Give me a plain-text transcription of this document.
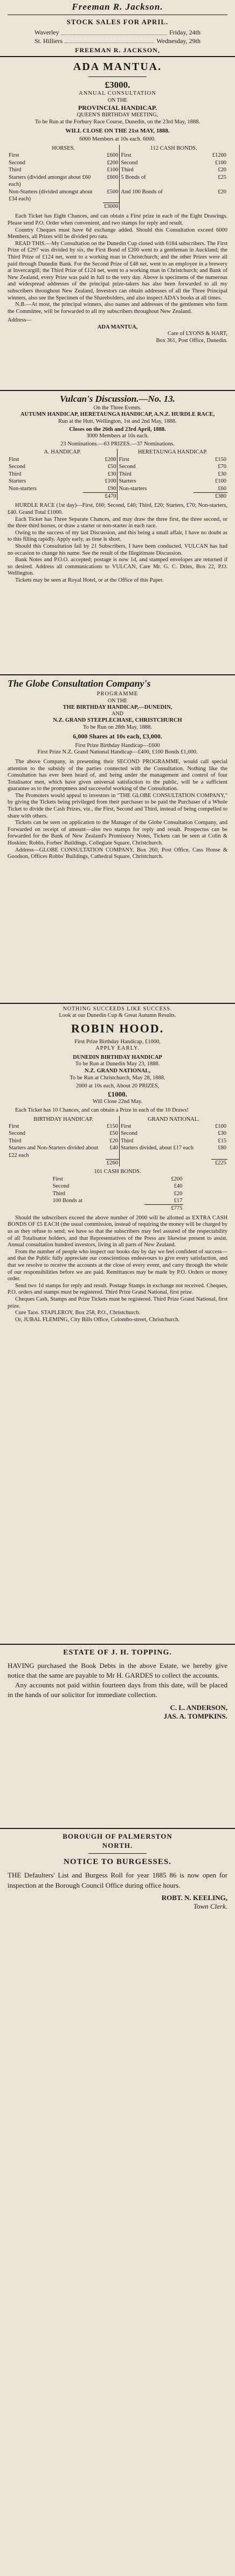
Freeman R. Jackson.
STOCK SALES FOR APRIL.
Waverley	Friday, 24th
St. Hilliers	Wednesday, 29th
FREEMAN R. JACKSON,
ADA MANTUA.
£3000.
ANNUAL CONSULTATION
ON THE
PROVINCIAL HANDICAP.
QUEEN'S BIRTHDAY MEETING,
To be Run at the Forbury Race Course, Dunedin, on the 23rd May, 1888.
WILL CLOSE ON THE 21st MAY, 1888.
6000 Members at 10s each. 6000.
HORSES.		112 CASH BONDS.	
First	£600	First	£1200
Second	£200	Second	£100
Third	£100	Third	£20
Starters (divided amongst about £60 each)	£600	5 Bonds of	£25
Non-Starters (divided amongst about £34 each)	£500	And 100 Bonds of	£20
	£3000		
Each Ticket has Eight Chances, and can obtain a First prize in each of the Eight Drawings. Please send P.O. Order when convenient, and two stamps for reply and result.
Country Cheques must have 6d exchange added. Should this Consultation exceed 6000 Members, all Prizes will be divided pro rata.
READ THIS.—My Consultation on the Dunedin Cup closed with 6184 subscribers. The First Prize of £297 was divided by six, the First Bond of £200 went to a gentleman in Auckland; the Third Prize of £124 net, went to a working man in Christchurch; and the other Prizes were all paid through Dunedin Bank. For the Second Prize of £48 net, went to an employee in a brewery at Invercargill; the Third Prize of £124 net, went to a working man in Christchurch; and Bank of New Zealand, every Prize was paid in full to the very day. Above is specimens of the numerous and widespread addresses of the principal prize-takers has also been forwarded to all my subscribers throughout New Zealand, Investors can obtain addresses of all the Three Principal winners, also see the Specimen of the Shareholders, and also inspect ADA's books at all times.
N.B.—At most, the principal winners, also names and addresses of the gentlemen who form the Committee, will be forwarded to all my subscribers throughout New Zealand.
Address—
ADA MANTUA,
Care of LYONS & HART,
Box 361, Post Office, Dunedin.
Vulcan's Discussion.—No. 13.
On the Three Events.
AUTUMN HANDICAP, HERETAUNGA HANDICAP, A.N.Z. HURDLE RACE,
Run at the Hutt, Wellington, 1st and 2nd May, 1888.
Closes on the 26th and 23rd April, 1888.
3000 Members at 10s each.
23 Nominations.—63 PRIZES.—37 Nominations.
A. HANDICAP.		HERETAUNGA HANDICAP.	
First	£200	First	£150
Second	£50	Second	£70
Third	£30	Third	£30
Starters	£100	Starters	£100
Non-starters	£90	Non-starters	£60
	£470		£380
HURDLE RACE (1st day)—First, £60; Second, £40; Third, £20; Starters, £70; Non-starters, £40. Grand Total £1000.
Each Ticket has Three Separate Chances, and may draw the three first, the three second, or the three third horses, or draw a starter or non-starter in each race.
Owing to the success of my last Discussion, and this being a small affair, I have no doubt as to this filling rapidly. Apply early, as time is short.
Should this Consultation fail by 21 Subscribers, I have been conducted, VULCAN has had no occasion to change his name. See the result of the Illegitimate Discussion.
Bank Notes and P.O.O. accepted; postage is now 1d, and stamped envelopes are returned if so desired. Address all communications to VULCAN, Care Mr. G. C. Dries, Box 22, P.O. Wellington.
Tickets may be seen at Royal Hotel, or at the Office of this Paper.
The Globe Consultation Company's
PROGRAMME
ON THE
THE BIRTHDAY HANDICAP,—DUNEDIN,
AND
N.Z. GRAND STEEPLECHASE, CHRISTCHURCH
To be Run on 28th May, 1888.
6,000 Shares at 10s each, £3,000.
First Prize Birthday Handicap—£600
First Prize N.Z. Grand National Handicap—£400, £100 Bonds £1,000.
The above Company, in presenting their SECOND PROGRAMME, would call special attention to the subsidy of the parties connected with the Consultation. Nothing like the Consultation has ever been heard of, and being under the management and control of four Totalisator men, which have given universal satisfaction to the public, will be a sufficient guarantee as to the promptness and successful working of the Consultation.
The Promoters would appeal to investors in "THE GLOBE CONSULTATION COMPANY," by giving the Tickets being privileged from their purchaser to be paid the Purchaser of a Whole Ticket to divide the Cash Prizes, viz., the First, Second and Third, instead of being compelled to share with others.
Tickets can be seen on application to the Manager of the Globe Consultation Company, and Forwarded on receipt of amount—also two stamps for reply and result. Prospectus can be forwarded for the Bank of New Zealand's Promissory Notes, Tickets can be seen at Colin & Hoskins; Robbs, Forbes' Buildings, Collegiate Square, Christchurch.
Address—GLOBE CONSULTATION COMPANY, Box 260, Post Office, Cass Honse & Goodson, Offices Robbs' Buildings, Cathedral Square, Christchurch.
NOTHING SUCCEEDS LIKE SUCCESS.
Look at our Dunedin Cup & Great Autumn Results.
ROBIN HOOD.
First Prize Birthday Handicap, £1000,
APPLY EARLY.
DUNEDIN BIRTHDAY HANDICAP
To be Run at Dunedin May 23, 1888.
N.Z. GRAND NATIONAL,
To be Run at Christchurch, May 28, 1888.
2000 at 10s each, About 20 PRIZES,
£1000.
Will Close 22nd May.
Each Ticket has 10 Chances, and can obtain a Prize in each of the 10 Draws!
BIRTHDAY HANDICAP.		GRAND NATIONAL.	
First	£150	First	£100
Second	£50	Second	£30
Third	£20	Third	£15
Starters and Non-Starters divided about £22 each	£40	Starters divided, about £17 each	£80
	£260		£225
101 CASH BONDS.
First	£200
Second	£40
Third	£20
100 Bonds at	£17
	£775
Should the subscribers exceed the above number of 2000 will be allotted as EXTRA CASH BONDS OF £5 EACH (the usual commission, instead of requiring the money will be charged by us as they refuse to send; we have so that the subscribers may feel assured of the respectability of all Totalisator holders, and that Representatives of the Press are likewise present to assist. Annual consultation hundred investors, living in all parts of New Zealand.
From the number of people who inspect our books day by day we feel confident of success—and that the Public fully appreciate our conscientious endeavours to give every satisfaction, and that we resolve to receive the accounts at the close of every event, and carry through the whole of our responsibilities before we are paid. Remittances may be made by P.O. Orders or money order.
Send two 1d stamps for reply and result. Postage Stamps in exchange not received. Cheques, P.O. orders and stamps must be registered. Third Prize Grand National, first prize.
Cheques Cash, Stamps and Prize Tickets must be registered. Third Prize Grand National, first prize.
Cure Taos. STAPLEROY, Box 258, P.O., Christchurch.
Or, JUBAL FLEMING, City Bills Office, Colombo-street, Christchurch.
ESTATE OF J. H. TOPPING.
HAVING purchased the Book Debts in the above Estate, we hereby give notice that the same are payable to Mr H. GARDES to collect the accounts.
Any accounts not paid within fourteen days from this date, will be placed in the hands of our solicitor for immediate collection.
C. L. ANDERSON,
JAS. A. TOMPKINS.
BOROUGH OF PALMERSTON
NORTH.
NOTICE TO BURGESSES.
THE Defaulters' List and Burgess Roll for year 1885 86 is now open for inspection at the Borough Council Office during office hours.
ROBT. N. KEELING,
Town Clerk.
